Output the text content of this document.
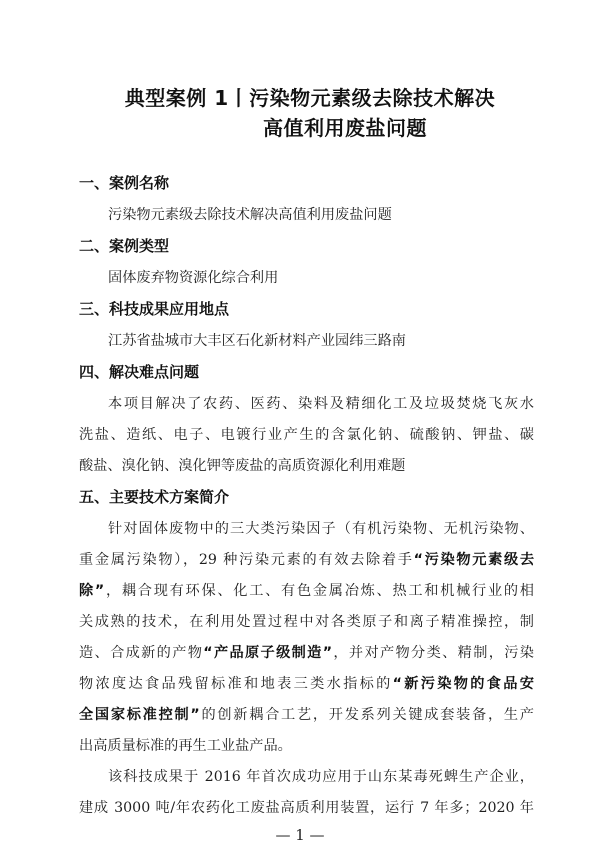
典型案例 1丨污染物元素级去除技术解决
高值利用废盐问题
一、案例名称
污染物元素级去除技术解决高值利用废盐问题
二、案例类型
固体废弃物资源化综合利用
三、科技成果应用地点
江苏省盐城市大丰区石化新材料产业园纬三路南
四、解决难点问题
本项目解决了农药、医药、染料及精细化工及垃圾焚烧飞灰水
洗盐、造纸、电子、电镀行业产生的含氯化钠、硫酸钠、钾盐、碳
酸盐、溴化钠、溴化钾等废盐的高质资源化利用难题
五、主要技术方案简介
针对固体废物中的三大类污染因子（有机污染物、无机污染物、
重金属污染物），29 种污染元素的有效去除着手“污染物元素级去
除”，耦合现有环保、化工、有色金属冶炼、热工和机械行业的相
关成熟的技术，在利用处置过程中对各类原子和离子精准操控，制
造、合成新的产物“产品原子级制造”，并对产物分类、精制，污染
物浓度达食品残留标准和地表三类水指标的“新污染物的食品安
全国家标准控制”的创新耦合工艺，开发系列关键成套装备，生产
出高质量标准的再生工业盐产品。
该科技成果于 2016 年首次成功应用于山东某毒死蜱生产企业，
建成 3000 吨/年农药化工废盐高质利用装置，运行 7 年多；2020 年
— 1 —
